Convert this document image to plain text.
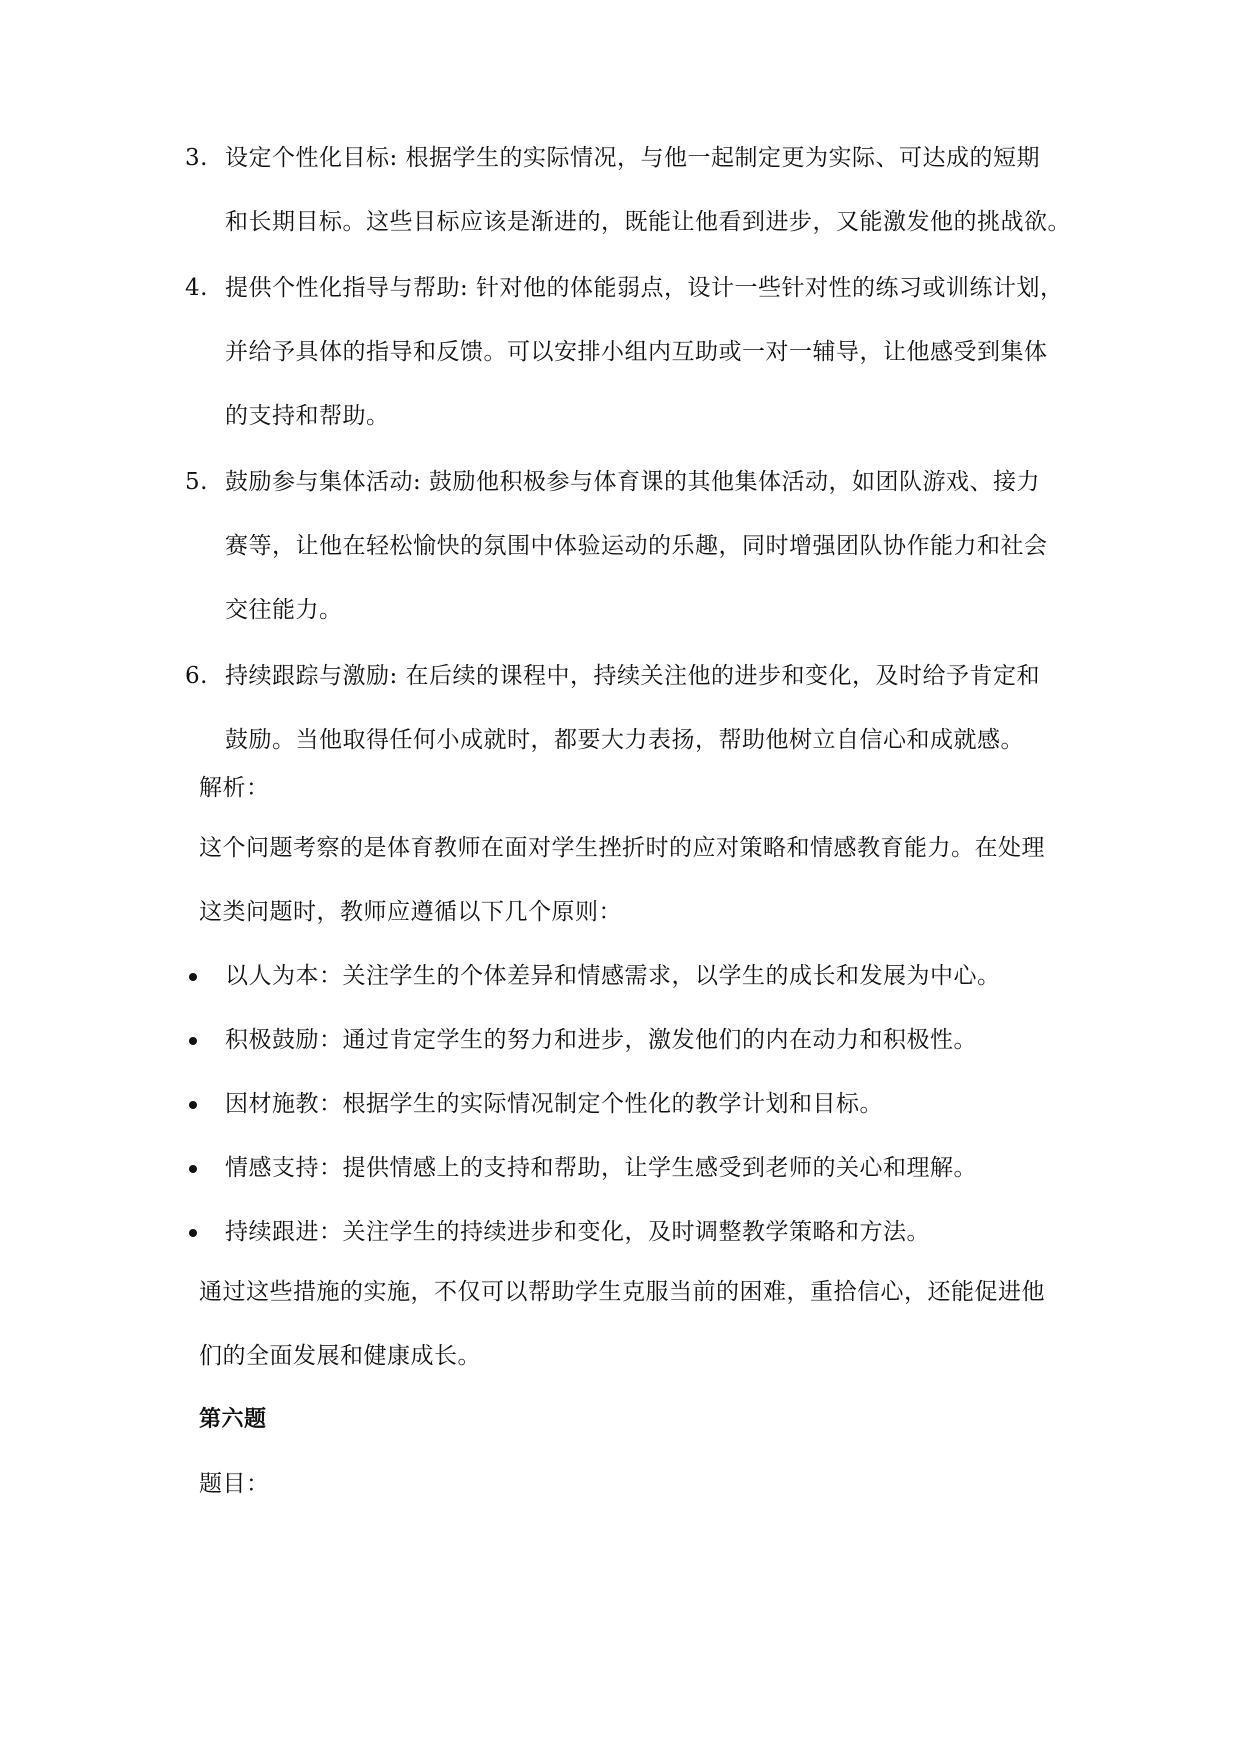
3. 设定个性化目标: 根据学生的实际情况，与他一起制定更为实际、可达成的短期
和长期目标。这些目标应该是渐进的，既能让他看到进步，又能激发他的挑战欲。
4. 提供个性化指导与帮助: 针对他的体能弱点，设计一些针对性的练习或训练计划，
并给予具体的指导和反馈。可以安排小组内互助或一对一辅导，让他感受到集体
的支持和帮助。
5. 鼓励参与集体活动: 鼓励他积极参与体育课的其他集体活动，如团队游戏、接力
赛等，让他在轻松愉快的氛围中体验运动的乐趣，同时增强团队协作能力和社会
交往能力。
6. 持续跟踪与激励: 在后续的课程中，持续关注他的进步和变化，及时给予肯定和
鼓励。当他取得任何小成就时，都要大力表扬，帮助他树立自信心和成就感。
解析：
这个问题考察的是体育教师在面对学生挫折时的应对策略和情感教育能力。在处理
这类问题时，教师应遵循以下几个原则：
以人为本：关注学生的个体差异和情感需求，以学生的成长和发展为中心。
积极鼓励：通过肯定学生的努力和进步，激发他们的内在动力和积极性。
因材施教：根据学生的实际情况制定个性化的教学计划和目标。
情感支持：提供情感上的支持和帮助，让学生感受到老师的关心和理解。
持续跟进：关注学生的持续进步和变化，及时调整教学策略和方法。
通过这些措施的实施，不仅可以帮助学生克服当前的困难，重拾信心，还能促进他
们的全面发展和健康成长。
第六题
题目：
